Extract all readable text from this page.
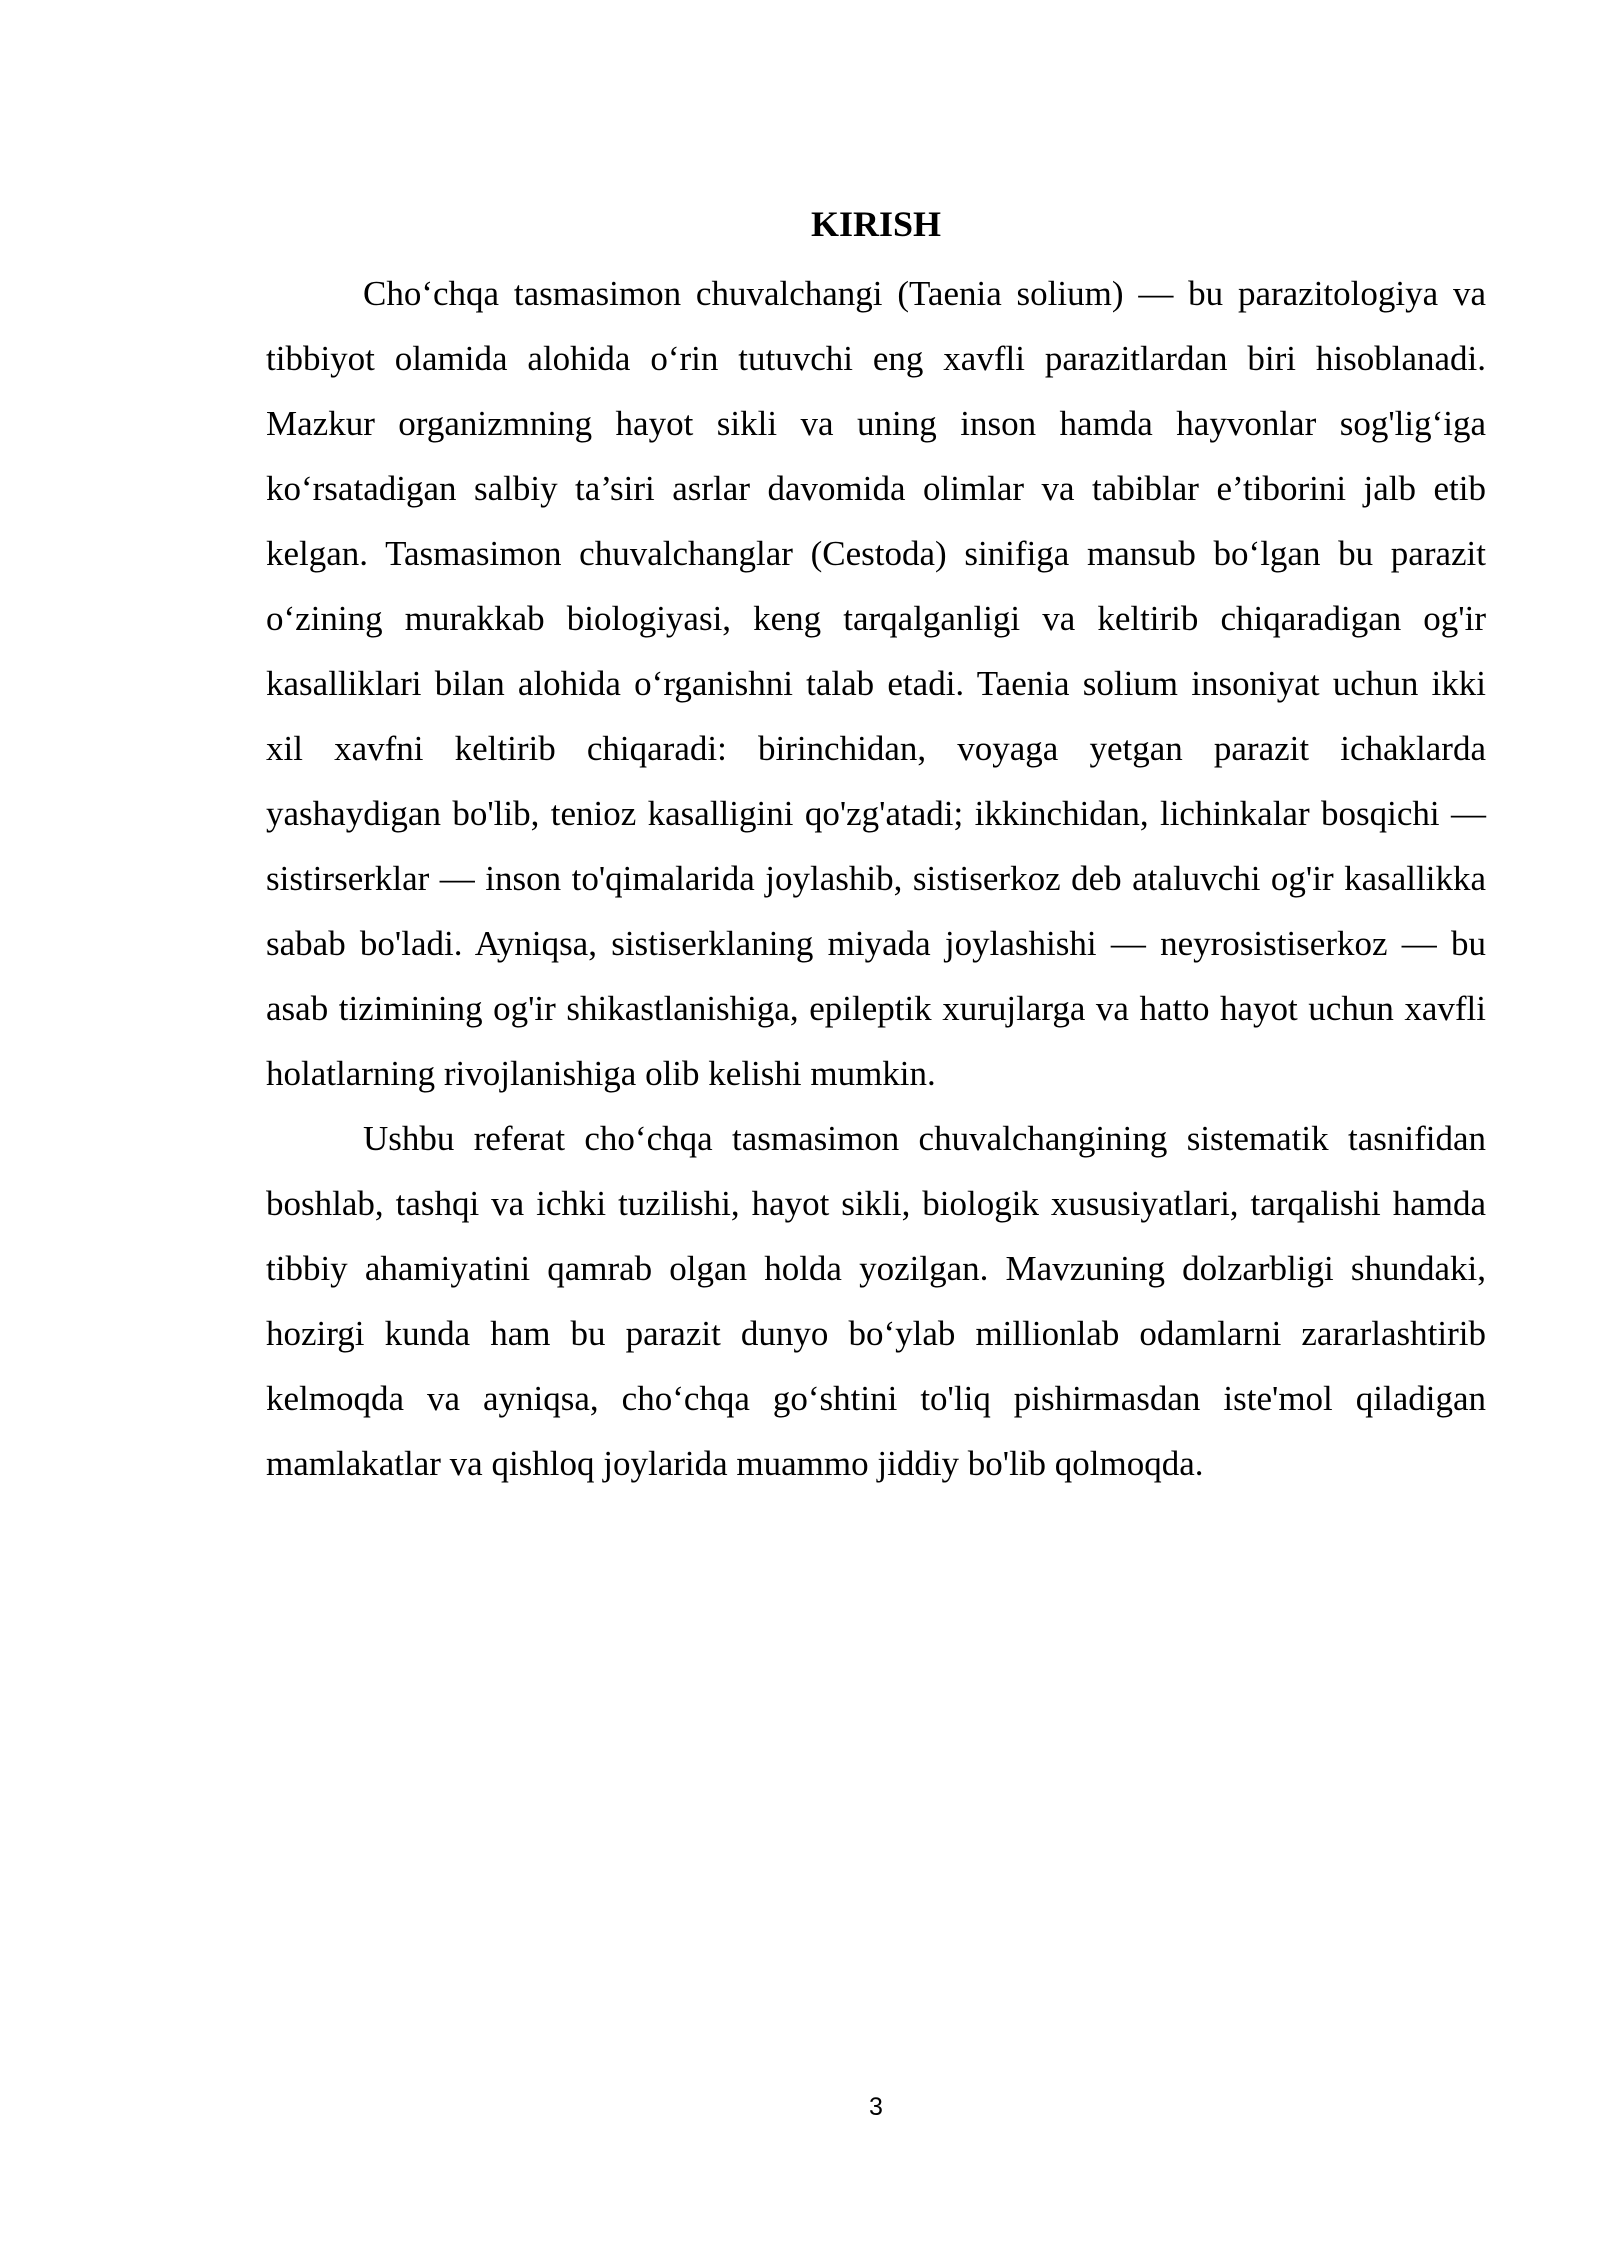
KIRISH

Cho‘chqa tasmasimon chuvalchangi (Taenia solium) — bu parazitologiya va tibbiyot olamida alohida o‘rin tutuvchi eng xavfli parazitlardan biri hisoblanadi. Mazkur organizmning hayot sikli va uning inson hamda hayvonlar sog'lig‘iga ko‘rsatadigan salbiy ta’siri asrlar davomida olimlar va tabiblar e’tiborini jalb etib kelgan. Tasmasimon chuvalchanglar (Cestoda) sinifiga mansub bo‘lgan bu parazit o‘zining murakkab biologiyasi, keng tarqalganligi va keltirib chiqaradigan og'ir kasalliklari bilan alohida o‘rganishni talab etadi. Taenia solium insoniyat uchun ikki xil xavfni keltirib chiqaradi: birinchidan, voyaga yetgan parazit ichaklarda yashaydigan bo'lib, tenioz kasalligini qo'zg'atadi; ikkinchidan, lichinkalar bosqichi — sistirserklar — inson to'qimalarida joylashib, sistiserkoz deb ataluvchi og'ir kasallikka sabab bo'ladi. Ayniqsa, sistiserklaning miyada joylashishi — neyrosistiserkoz — bu asab tizimining og'ir shikastlanishiga, epileptik xurujlarga va hatto hayot uchun xavfli holatlarning rivojlanishiga olib kelishi mumkin.

Ushbu referat cho‘chqa tasmasimon chuvalchangining sistematik tasnifidan boshlab, tashqi va ichki tuzilishi, hayot sikli, biologik xususiyatlari, tarqalishi hamda tibbiy ahamiyatini qamrab olgan holda yozilgan. Mavzuning dolzarbligi shundaki, hozirgi kunda ham bu parazit dunyo bo‘ylab millionlab odamlarni zararlashtirib kelmoqda va ayniqsa, cho‘chqa go‘shtini to'liq pishirmasdan iste'mol qiladigan mamlakatlar va qishloq joylarida muammo jiddiy bo'lib qolmoqda.

3
